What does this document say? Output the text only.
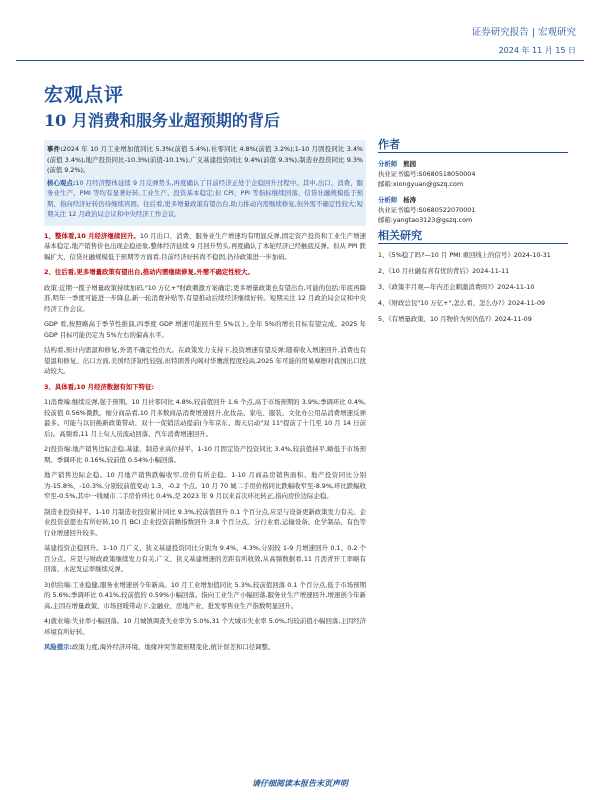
证券研究报告 | 宏观研究
2024 年 11 月 15 日
宏观点评
10 月消费和服务业超预期的背后

事件:2024 年 10 月工业增加值同比 5.3%(前值 5.4%),社零同比 4.8%(前值 3.2%);1-10 月固投同比 3.4%(前值 3.4%),地产投资同比-10.3%(前值-10.1%),广义基建投资同比 9.4%(前值 9.3%),制造业投资同比 9.3%(前值 9.2%)。

核心观点:10 月经济整体延续 9 月反弹势头,再度确认了目前经济正处于企稳回升过程中。其中,出口、消费、服务业生产、PMI 等均有显著好转,工业生产、投资基本稳定;但 CPI、PPI 等指标继续回落、信贷社融规模低于预期、指向经济好转仍待继续巩固。往后看,更多增量政策有望出台,助力推动内需继续修复,但外需不确定性较大;短期关注 12 月政治局会议和中央经济工作会议。

1、整体看,10 月经济继续回升。10 月出口、消费、服务业生产增速均有明显反弹,固定资产投资和工业生产增速基本稳定,地产销售价也出现企稳迹象,整体经济延续 9 月回升势头,再度确认了本轮经济已经触底反弹。但从 PPI 跌幅扩大、信贷社融规模低于预期等方面看,目前经济好转尚不稳固,仍待政策进一步加码。

2、往后看,更多增量政策有望出台,推动内需继续修复,外需不确定性较大。

政策:近期一揽子增量政策持续加码,"10 万亿+"财政刺激方案确定;更多增量政策也有望出台,可能的包括:年底再降准,明年一季度可能进一步降息,新一轮消费补贴等,有望推动后续经济继续好转。短期关注 12 月政治局会议和中央经济工作会议。

GDP 看,按照略高于季节性推演,四季度 GDP 增速可能回升至 5%以上,全年 5%的增长目标有望完成。2025 年 GDP 目标可能仍定为 5%左右的偏高水平。

结构看,预计内需温和修复,外需不确定性仍大。在政策发力支持下,投资增速有望反弹;随着收入增速回升,消费也有望温和修复。出口方面,美国经济韧性较强,但特朗普内阁对华鹰派程度较高,2025 年可能的贸易摩擦对我国出口扰动较大。

3、具体看,10 月经济数据有如下特征:

1)消费端:继续反弹,强于预期。10 月社零同比 4.8%,较前值回升 1.6 个点,高于市场预期的 3.9%;季调环比 0.4%,较前值 0.56%微跌。细分商品看,10 月多数商品消费增速回升,化妆品、家电、服装、文化办公用品消费增速反弹最多。可能与以旧换新政策带动、双十一促销活动提前(今年京东、淘天启动"双 11"提前了十几至 10 月 14 日前后)。高频看,11 月上旬人员流动回落、汽车消费增速回升。

2)投资端:地产销售边际企稳,基建、制造业高位持平。1-10 月固定资产投资同比 3.4%,较前值持平,略低于市场预期。季调环比 0.16%,较前值 0.54%小幅回落。

地产销售边际企稳。10 月地产销售跌幅收窄,房价有所企稳。1-10 月商品房销售面积、地产投资同比分别为-15.8%、-10.3%,分别较前值变动 1.3、-0.2 个点。10 月 70 城二手房价格同比跌幅收窄至-8.9%,环比跌幅收窄至-0.5%,其中一线城市二手房价环比 0.4%,是 2023 年 9 月以来首次环比转正,指向房价边际企稳。

制造业投资持平。1-10 月制造业投资累计同比 9.3%,较前值回升 0.1 个百分点,应是与设备更新政策发力有关。企业投资意愿也有所好转,10 月 BCI 企业投资前瞻指数回升 3.8 个百分点。分行业看,运输设备、化学制品、有色等行业增速回升较多。

基建投资企稳回升。1-10 月广义、狭义基建投资同比分别为 9.4%、4.3%,分别较 1-9 月增速回升 0.1、0.2 个百分点。应是与财政政策继续发力有关,广义、狭义基建增速的差距有所收敛,从高频数据看,11 月沥青开工率略有回落、水泥发运率继续反弹。

3)供给端:工业稳健,服务业增速创今年新高。10 月工业增加值同比 5.3%,较前值回落 0.1 个百分点,低于市场预期的 5.6%;季调环比 0.41%,较前值的 0.59%小幅回落。指向工业生产小幅回落,服务业生产增速回升,增速创今年新高,主因在增量政策、市场回暖带动下,金融业、房地产业、批发零售业生产指数明显回升。

4)就业端:失业率小幅回落。10 月城镇调查失业率为 5.0%,31 个大城市失业率 5.0%,均较前值小幅回落,主因经济环境有所好转。

风险提示:政策力度,海外经济环境、地缘冲突等超预期变化,统计误差和口径调整。

作者
分析师 熊园
执业证书编号:S0680518050004
邮箱:xiongyuan@gszq.com
分析师 杨涛
执业证书编号:S0680522070001
邮箱:yangtao3123@gszq.com
相关研究
1、《5%稳了吗?—10 月 PMI 重回线上的信号》2024-10-31
2、《10 月社融有喜有忧的背后》2024-11-11
3、《政策半月观—年内还会刺激消费吗?》2024-11-10
4、《财政总包"10 万亿+",怎么看、怎么办?》2024-11-09
5、《有增量政策、10 月物价为何仍低?》2024-11-09
请仔细阅读本报告末页声明
